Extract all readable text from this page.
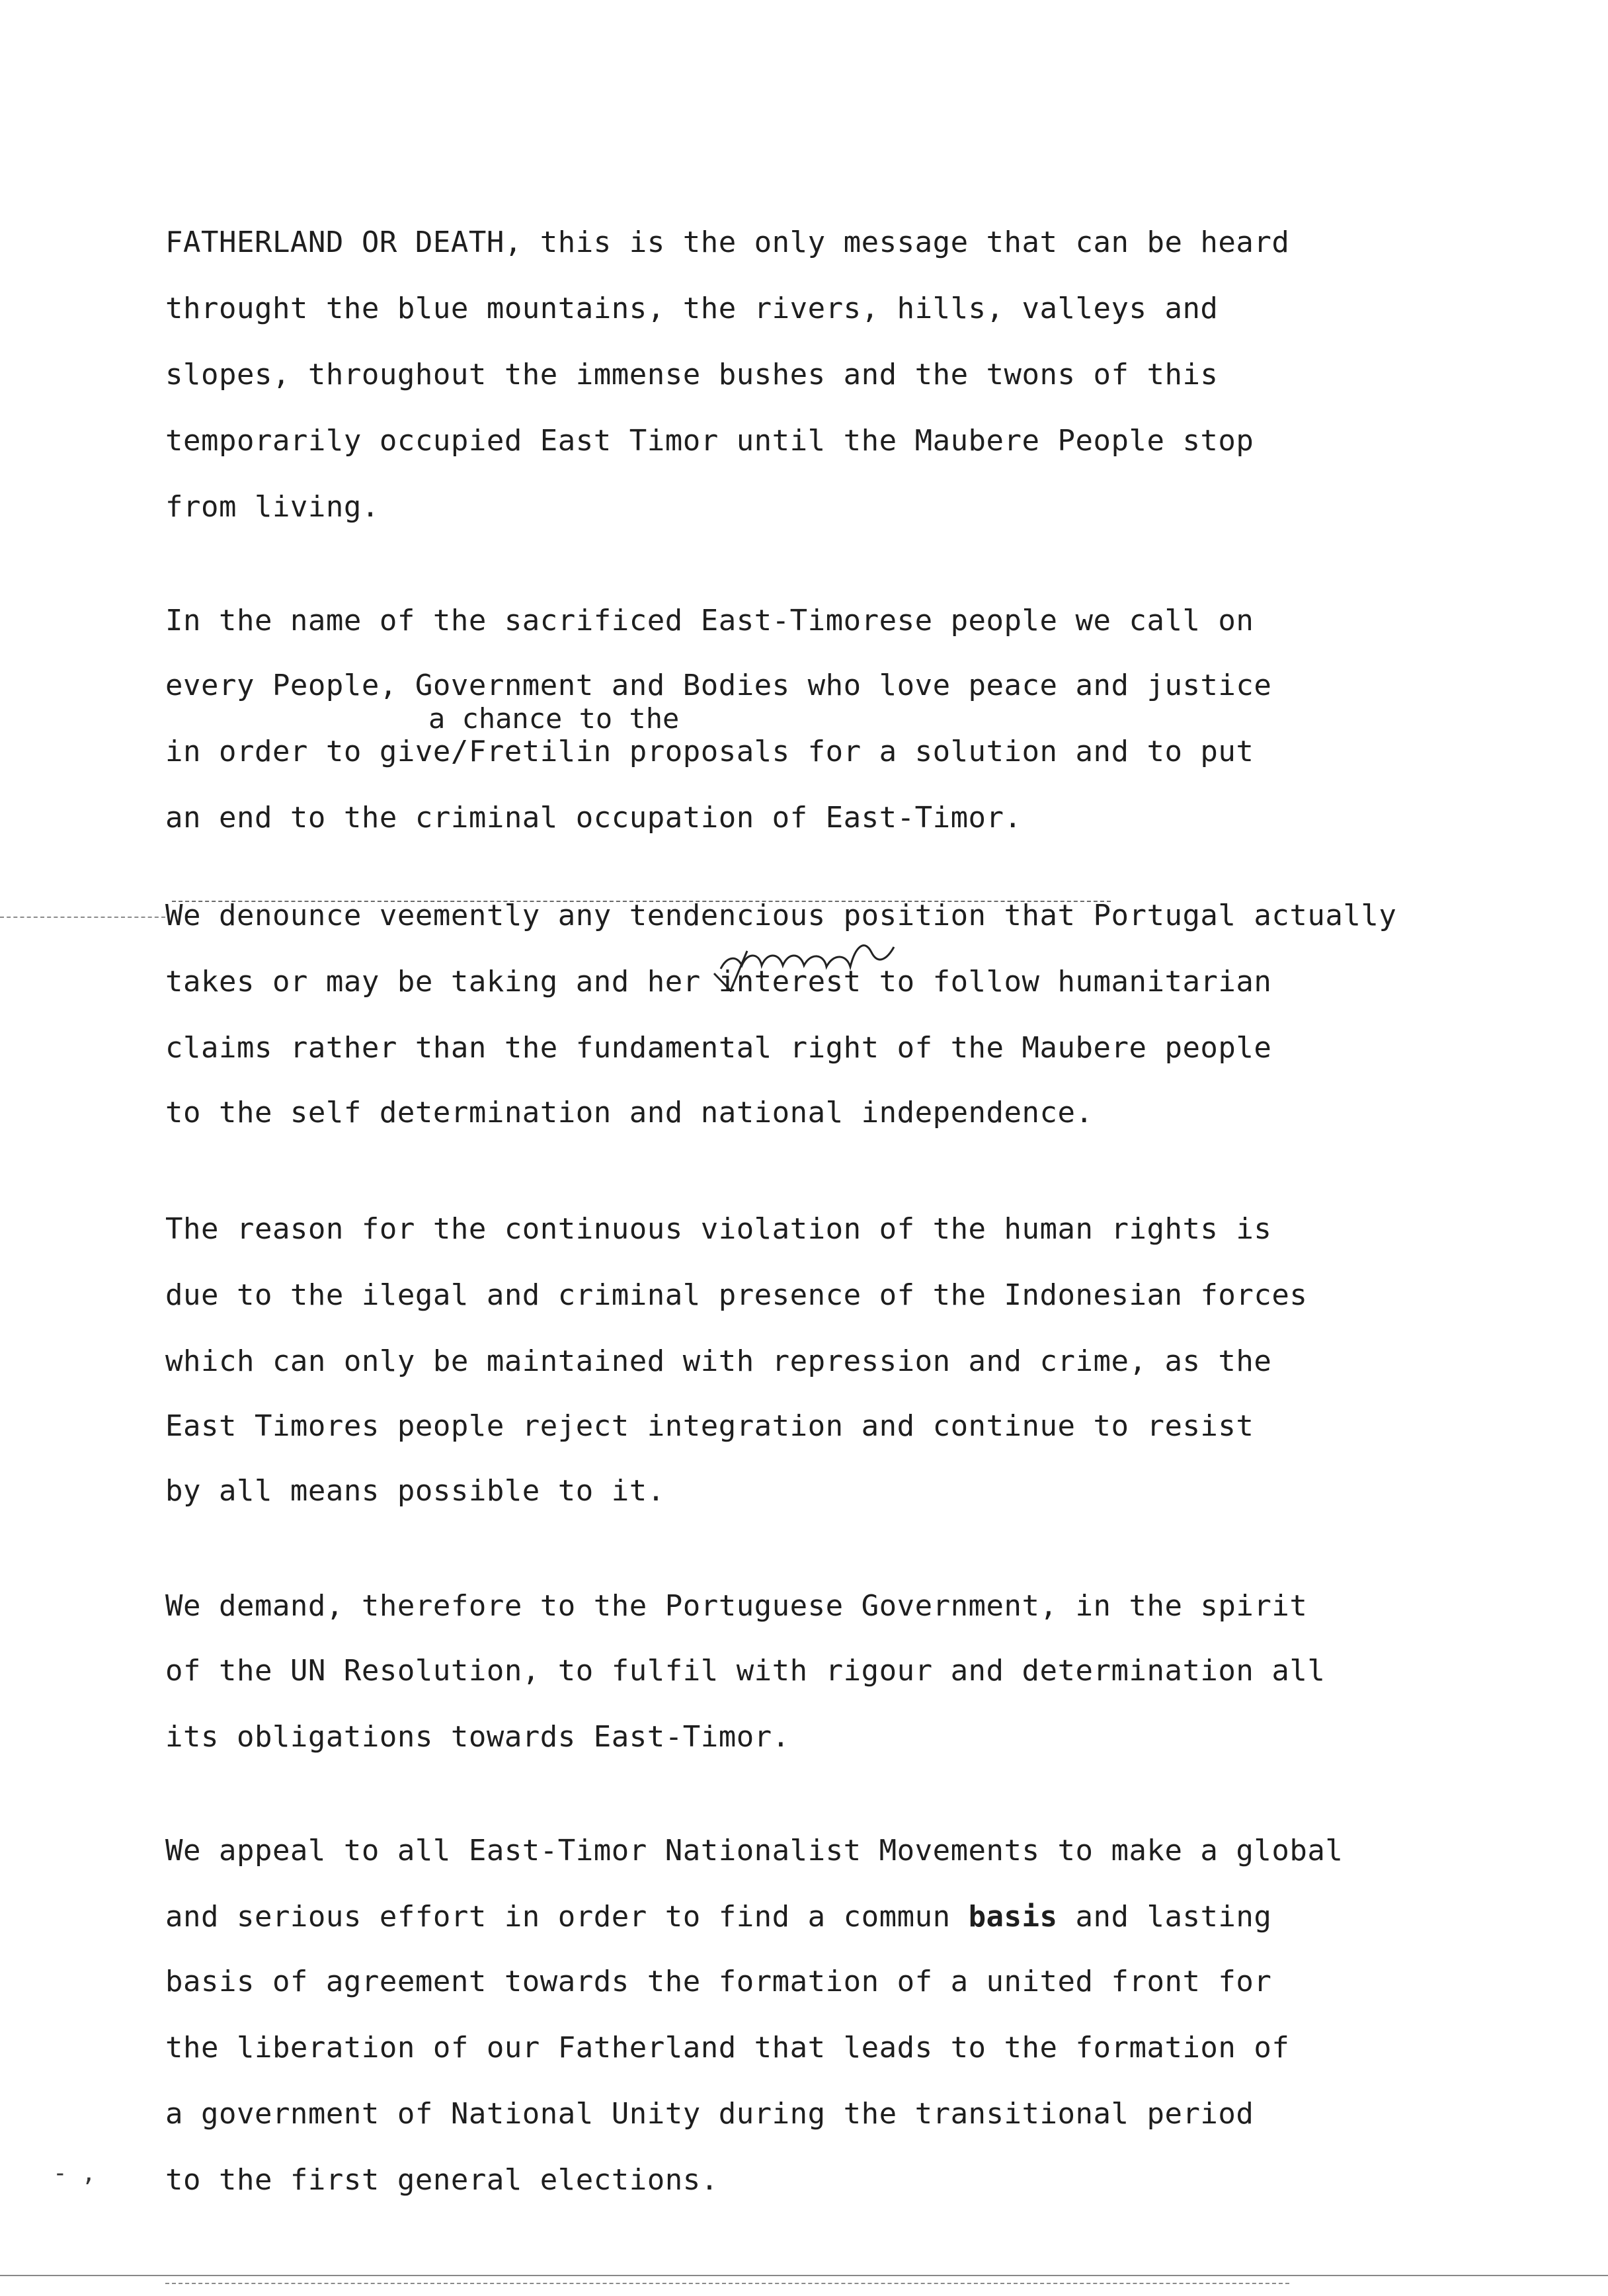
FATHERLAND OR DEATH, this is the only message that can be heard
throught the blue mountains, the rivers, hills, valleys and
slopes, throughout the immense bushes and the twons of this
temporarily occupied East Timor until the Maubere People stop
from living.
In the name of the sacrificed East-Timorese people we call on
every People, Government and Bodies who love peace and justice
a chance to the
in order to give/Fretilin proposals for a solution and to put
an end to the criminal occupation of East-Timor.
We denounce veemently any tendencious position that Portugal actually
takes or may be taking and her interest to follow humanitarian
claims rather than the fundamental right of the Maubere people
to the self determination and national independence.
The reason for the continuous violation of the human rights is
due to the ilegal and criminal presence of the Indonesian forces
which can only be maintained with repression and crime, as the
East Timores people reject integration and continue to resist
by all means possible to it.
We demand, therefore to the Portuguese Government, in the spirit
of the UN Resolution, to fulfil with rigour and determination all
its obligations towards East-Timor.
We appeal to all East-Timor Nationalist Movements to make a global
and serious effort in order to find a commun basis and lasting
basis of agreement towards the formation of a united front for
the liberation of our Fatherland that leads to the formation of
a government of National Unity during the transitional period
to the first general elections.
- ,
